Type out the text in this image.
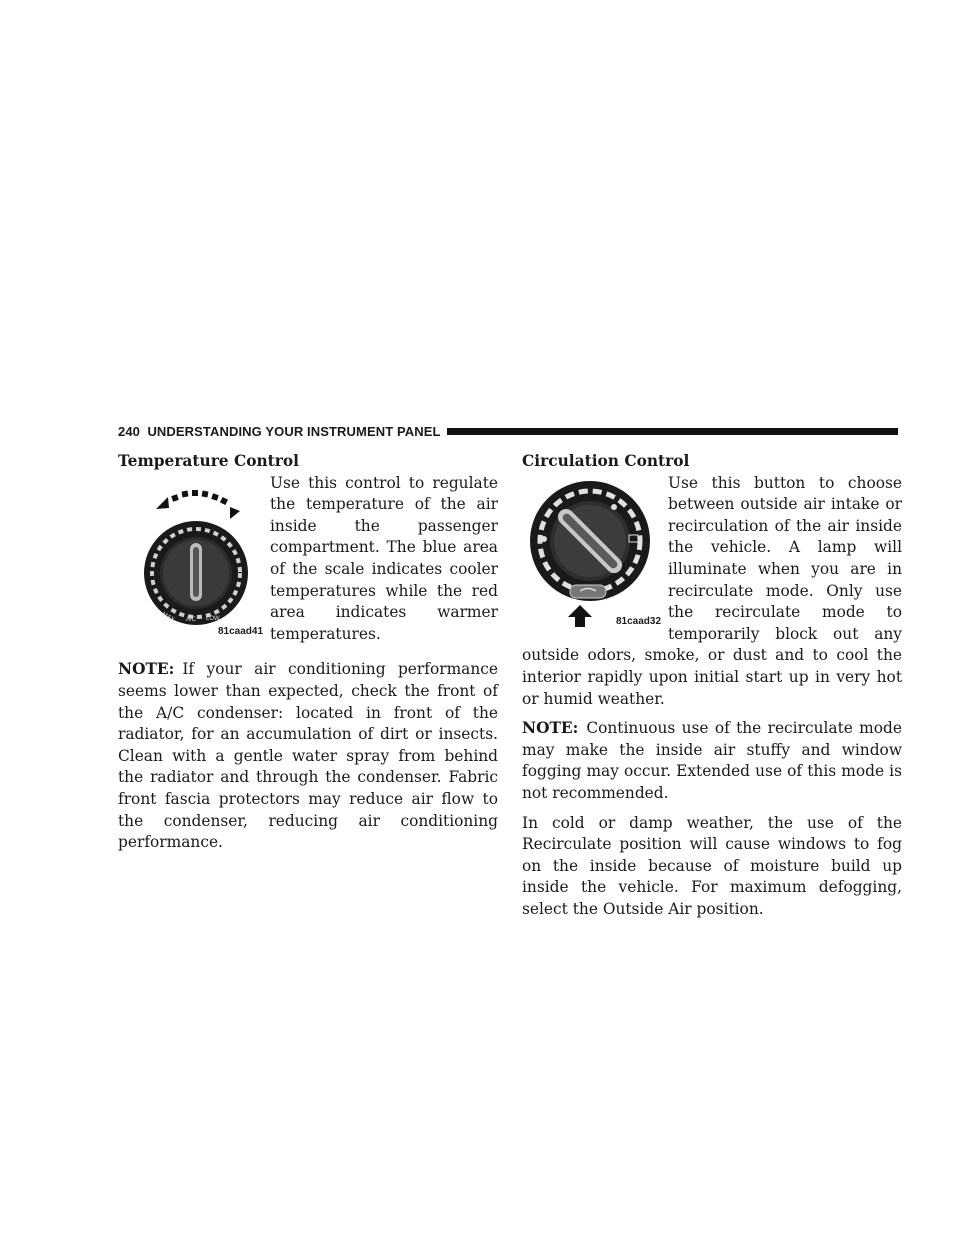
240 UNDERSTANDING YOUR INSTRUMENT PANEL
Temperature Control
MAX A/C LOW
81caad41

Use this control to regulate the temperature of the air inside the passenger compartment. The blue area of the scale indicates cooler temperatures while the red area indicates warmer temperatures.

NOTE: If your air conditioning performance seems lower than expected, check the front of the A/C condenser: located in front of the radiator, for an accumulation of dirt or insects. Clean with a gentle water spray from behind the radiator and through the condenser. Fabric front fascia protectors may reduce air flow to the condenser, reducing air conditioning performance.

Circulation Control
81caad32

Use this button to choose between outside air intake or recirculation of the air inside the vehicle. A lamp will illuminate when you are in recirculate mode. Only use the recirculate mode to temporarily block out any outside odors, smoke, or dust and to cool the interior rapidly upon initial start up in very hot or humid weather.

NOTE: Continuous use of the recirculate mode may make the inside air stuffy and window fogging may occur. Extended use of this mode is not recommended.

In cold or damp weather, the use of the Recirculate position will cause windows to fog on the inside because of moisture build up inside the vehicle. For maximum defogging, select the Outside Air position.
